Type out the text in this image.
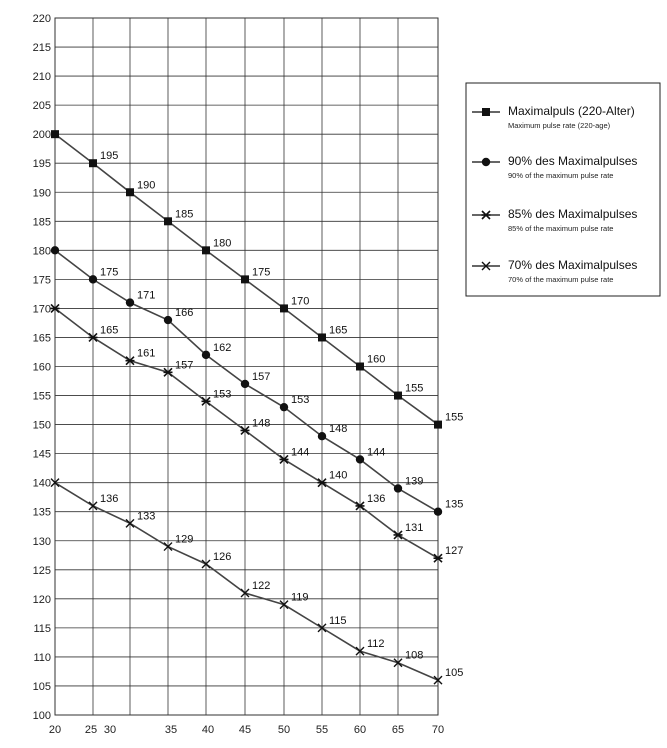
100
105
110
115
120
125
130
135
140
145
150
155
160
165
170
175
180
185
190
195
200
205
210
215
220
20 25 30	35 40 45 50 55 60 65	70
195
190
185
180
175
170
165
160
155
155
175
171
166
162
157
153
148
144
139
135
165
161
157
153
148
144
140
136
131
127
136
133
129
126
122
119
115
112
108
105
Maximalpuls (220-Alter)
Maximum pulse rate (220-age)
90% des Maximalpulses
90% of the maximum pulse rate
85% des Maximalpulses
85% of the maximum pulse rate
70% des Maximalpulses
70% of the maximum pulse rate
